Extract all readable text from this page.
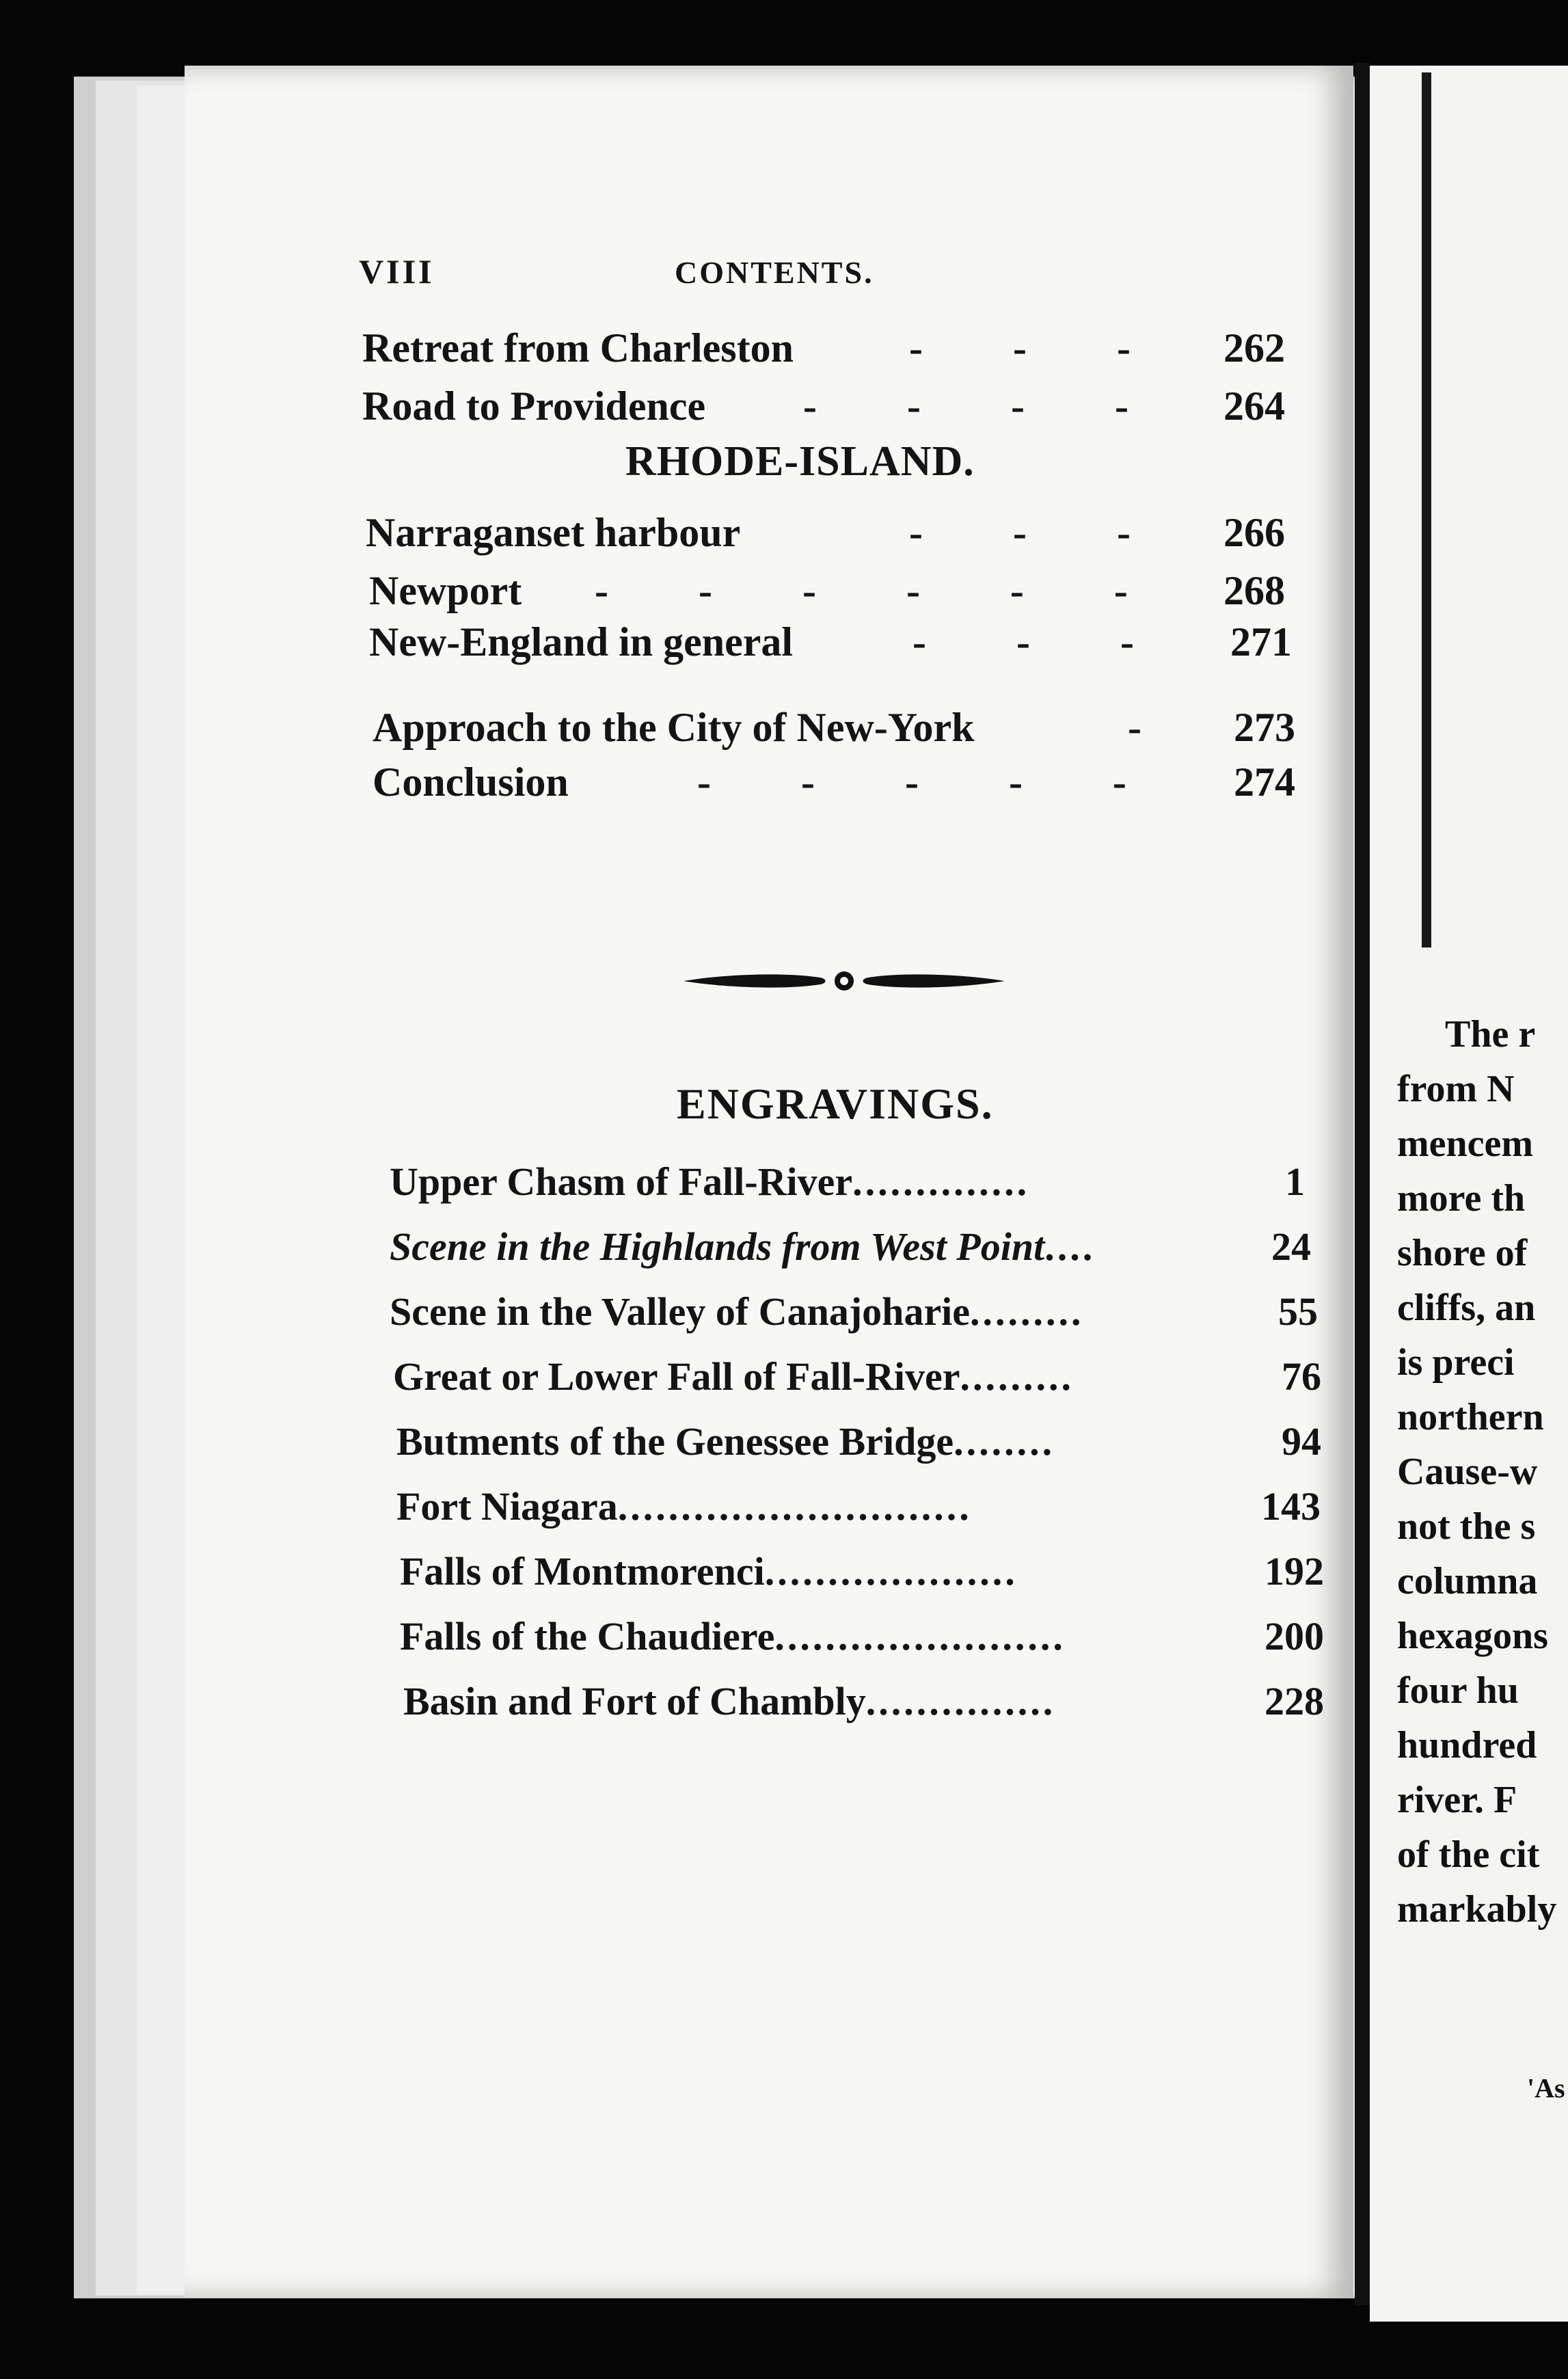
The r
from N
mencem
more th
shore of
cliffs, an
is preci
northern
Cause-w
not the s
columna
hexagons
four hu
hundred
river. F
of the cit
markably
'As
VIII	CONTENTS.
Retreat from Charleston	-      -      - 262
Road to Providence -      -      -      - 264
RHODE-ISLAND.
Narraganset harbour	-      -      - 266
Newport -      -      -      -      -      - 268
New-England in general	-      -      - 271
Approach to the City of New-York	- 273
Conclusion	-      -      -      -      -	274
ENGRAVINGS.
Upper Chasm of Fall-River..............	1
Scene in the Highlands from West Point....	24
Scene in the Valley of Canajoharie.........	55
Great or Lower Fall of Fall-River.........	76
Butments of the Genessee Bridge........	94
Fort Niagara............................	143
Falls of Montmorenci....................	192
Falls of the Chaudiere.......................	200
Basin and Fort of Chambly...............	228
